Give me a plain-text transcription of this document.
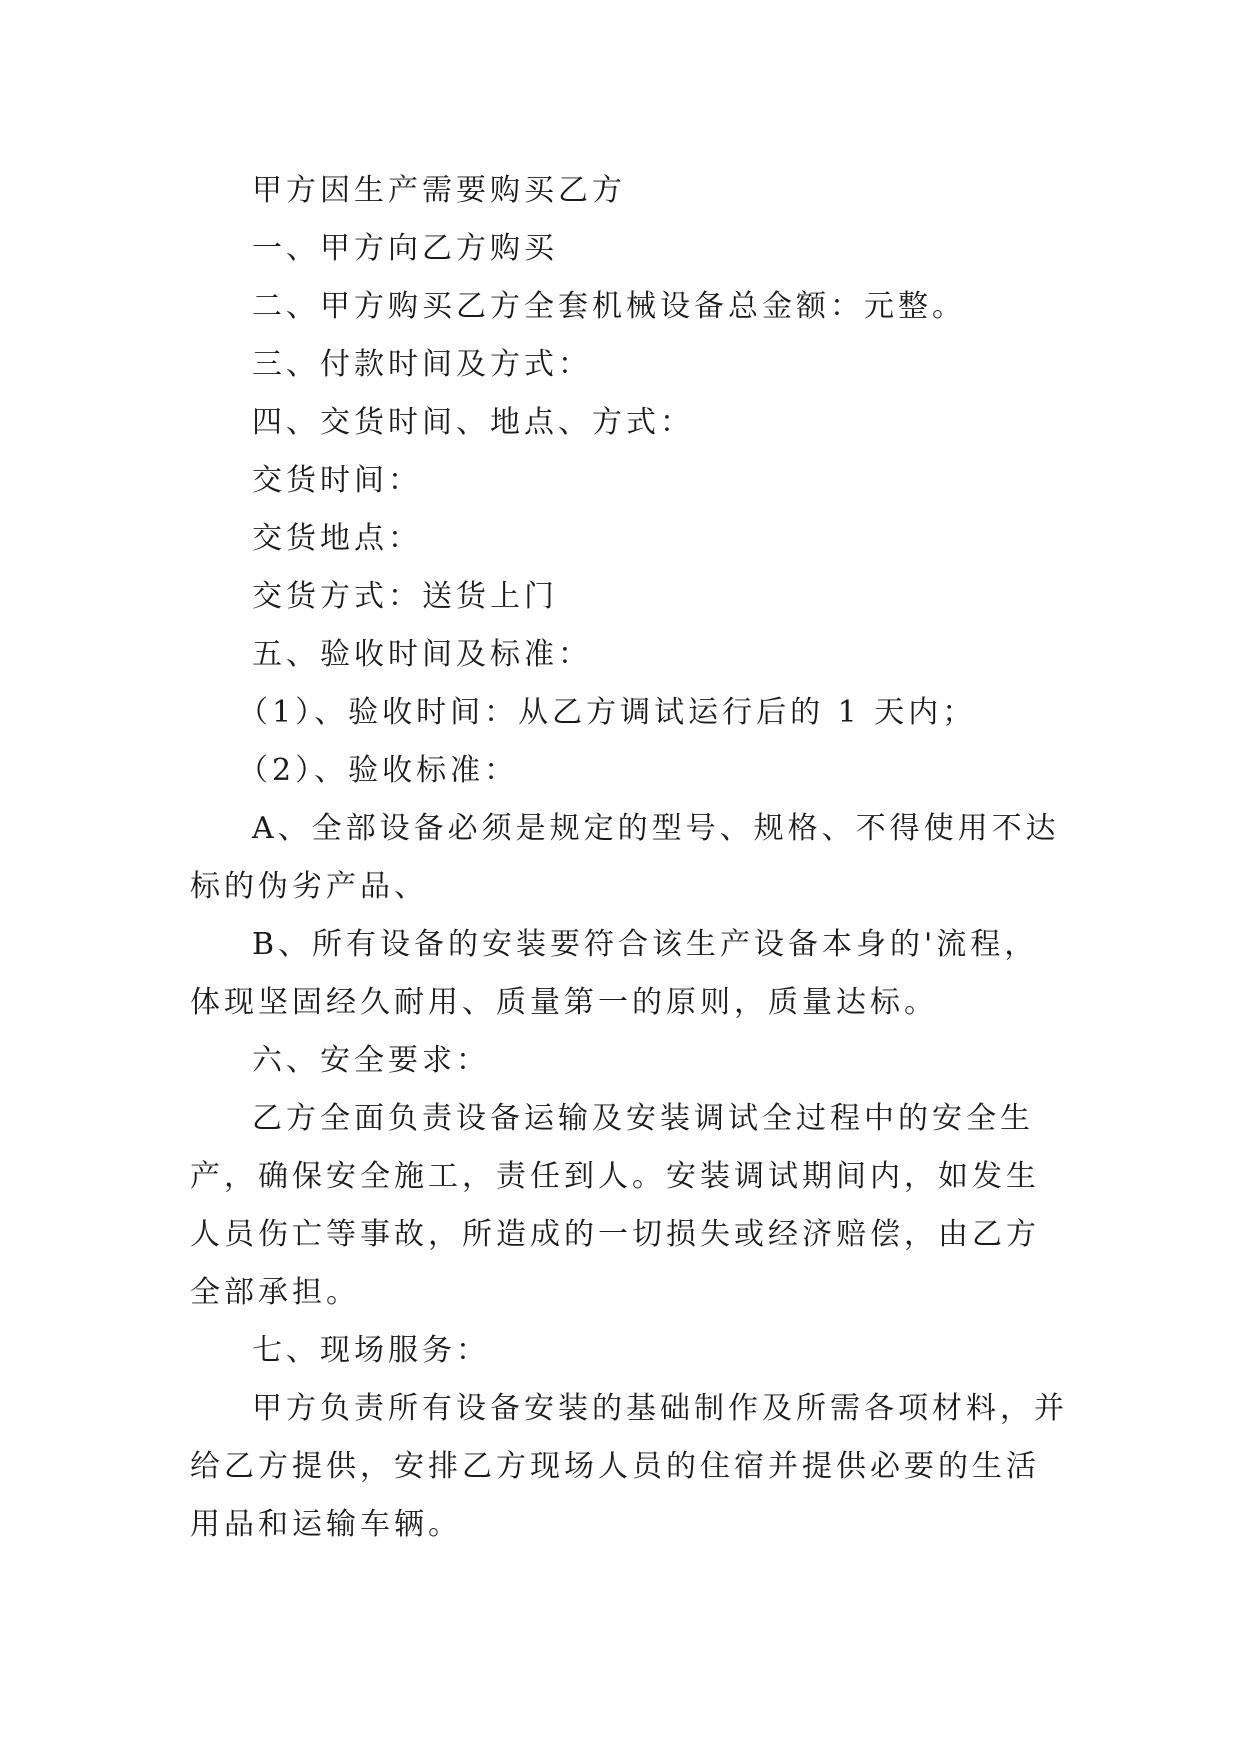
甲方因生产需要购买乙方

一、甲方向乙方购买

二、甲方购买乙方全套机械设备总金额：元整。

三、付款时间及方式：

四、交货时间、地点、方式：

交货时间：

交货地点：

交货方式：送货上门

五、验收时间及标准：

（1）、验收时间：从乙方调试运行后的 1 天内；

（2）、验收标准：

A、全部设备必须是规定的型号、规格、不得使用不达标的伪劣产品、

B、所有设备的安装要符合该生产设备本身的'流程，体现坚固经久耐用、质量第一的原则，质量达标。

六、安全要求：

乙方全面负责设备运输及安装调试全过程中的安全生产，确保安全施工，责任到人。安装调试期间内，如发生人员伤亡等事故，所造成的一切损失或经济赔偿，由乙方全部承担。

七、现场服务：

甲方负责所有设备安装的基础制作及所需各项材料，并给乙方提供，安排乙方现场人员的住宿并提供必要的生活用品和运输车辆。
